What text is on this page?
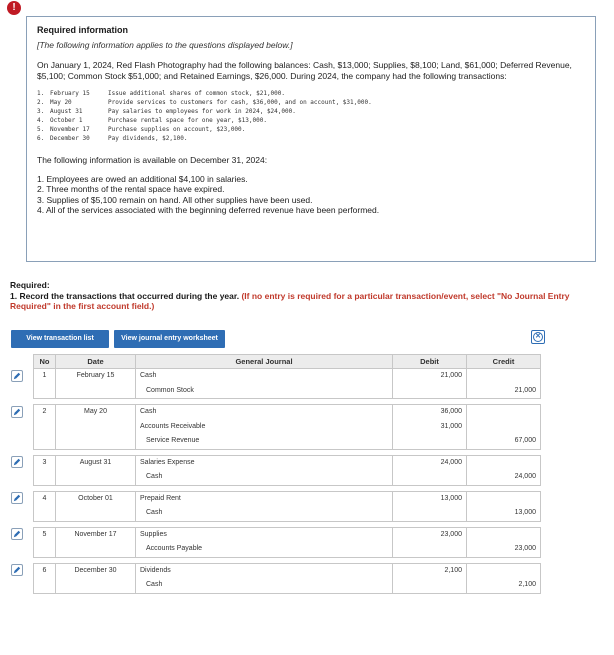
!
Required information
[The following information applies to the questions displayed below.]
On January 1, 2024, Red Flash Photography had the following balances: Cash, $13,000; Supplies, $8,100; Land, $61,000; Deferred Revenue, $5,100; Common Stock $51,000; and Retained Earnings, $26,000. During 2024, the company had the following transactions:
1. February 15	Issue additional shares of common stock, $21,000.
2. May 20	Provide services to customers for cash, $36,000, and on account, $31,000.
3. August 31	Pay salaries to employees for work in 2024, $24,000.
4. October 1	Purchase rental space for one year, $13,000.
5. November 17	Purchase supplies on account, $23,000.
6. December 30	Pay dividends, $2,100.
The following information is available on December 31, 2024:
1. Employees are owed an additional $4,100 in salaries.
2. Three months of the rental space have expired.
3. Supplies of $5,100 remain on hand. All other supplies have been used.
4. All of the services associated with the beginning deferred revenue have been performed.
Required:
1. Record the transactions that occurred during the year. (If no entry is required for a particular transaction/event, select "No Journal Entry Required" in the first account field.)
View transaction list	View journal entry worksheet	✕
No	Date	General Journal	Debit	Credit

1	February 15	Cash	21,000	

		Common Stock		21,000

2	May 20	Cash	36,000	

		Accounts Receivable	31,000	

		Service Revenue		67,000

3	August 31	Salaries Expense	24,000	

		Cash		24,000

4	October 01	Prepaid Rent	13,000	

		Cash		13,000

5	November 17	Supplies	23,000	

		Accounts Payable		23,000

6	December 30	Dividends	2,100	

		Cash		2,100
